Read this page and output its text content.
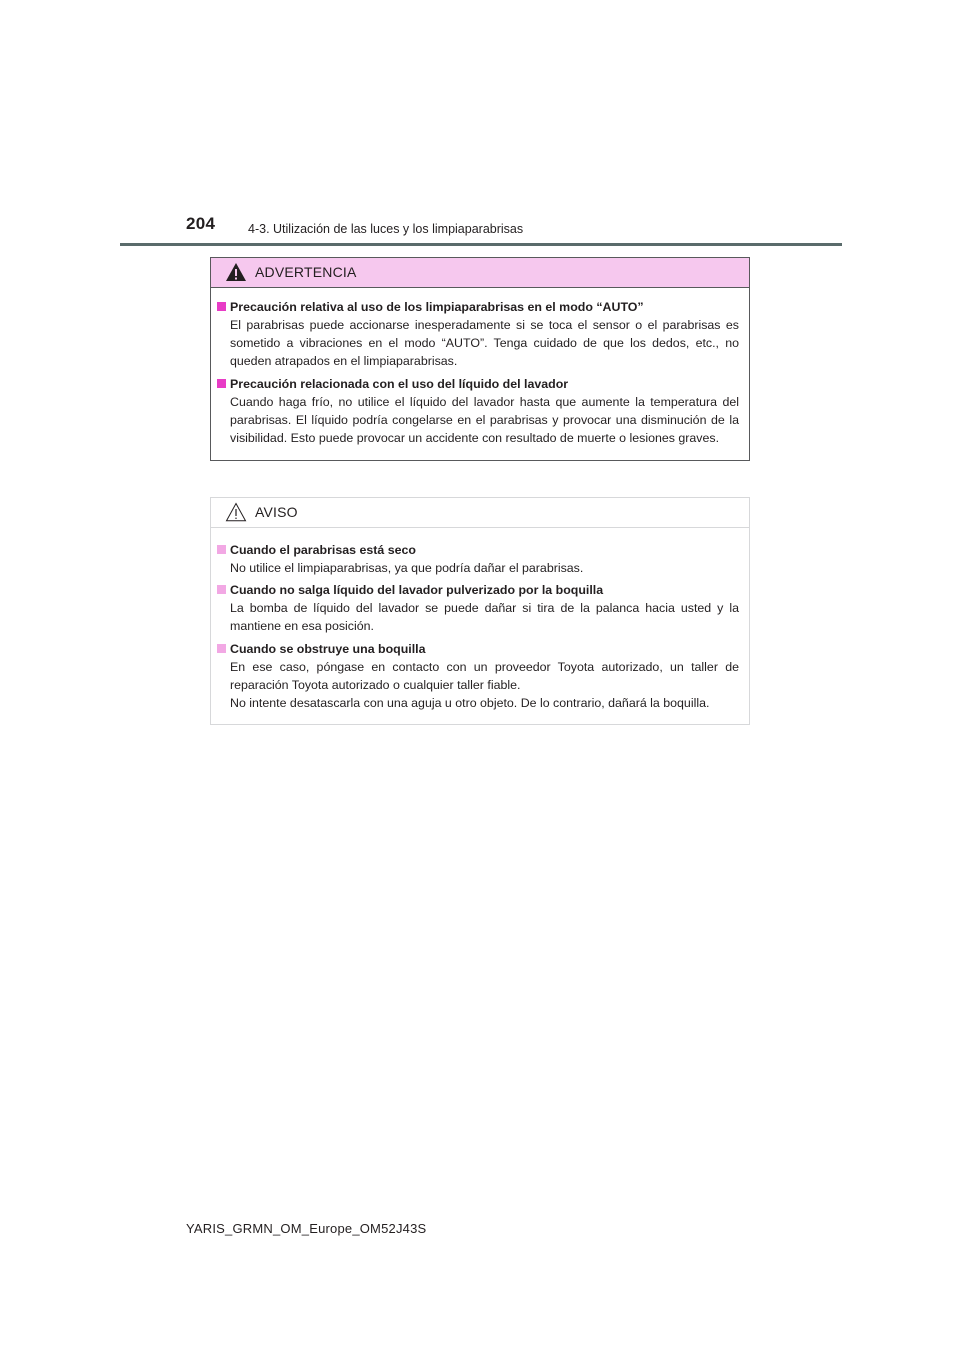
204	4-3. Utilización de las luces y los limpiaparabrisas
ADVERTENCIA
Precaución relativa al uso de los limpiaparabrisas en el modo “AUTO”
El parabrisas puede accionarse inesperadamente si se toca el sensor o el parabrisas es sometido a vibraciones en el modo “AUTO”. Tenga cuidado de que los dedos, etc., no queden atrapados en el limpiaparabrisas.
Precaución relacionada con el uso del líquido del lavador
Cuando haga frío, no utilice el líquido del lavador hasta que aumente la temperatura del parabrisas. El líquido podría congelarse en el parabrisas y provocar una disminución de la visibilidad. Esto puede provocar un accidente con resultado de muerte o lesiones graves.
AVISO
Cuando el parabrisas está seco
No utilice el limpiaparabrisas, ya que podría dañar el parabrisas.
Cuando no salga líquido del lavador pulverizado por la boquilla
La bomba de líquido del lavador se puede dañar si tira de la palanca hacia usted y la mantiene en esa posición.
Cuando se obstruye una boquilla
En ese caso, póngase en contacto con un proveedor Toyota autorizado, un taller de reparación Toyota autorizado o cualquier taller fiable.
No intente desatascarla con una aguja u otro objeto. De lo contrario, dañará la boquilla.
YARIS_GRMN_OM_Europe_OM52J43S
